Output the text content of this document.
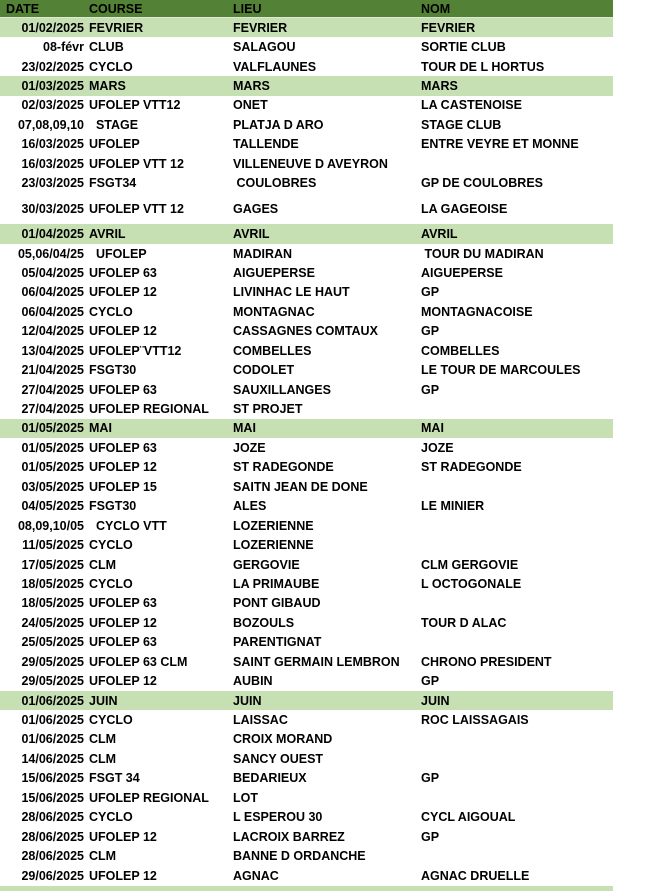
DATE	COURSE	LIEU	NOM
01/02/2025 FEVRIER	FEVRIER	FEVRIER
08-févr CLUB	SALAGOU	SORTIE CLUB
23/02/2025 CYCLO	VALFLAUNES	TOUR DE L HORTUS
01/03/2025 MARS	MARS	MARS
02/03/2025 UFOLEP VTT12	ONET	LA CASTENOISE
07,08,09,10 STAGE	PLATJA D ARO	STAGE CLUB
16/03/2025 UFOLEP	TALLENDE	ENTRE VEYRE ET MONNE
16/03/2025 UFOLEP VTT 12	VILLENEUVE D AVEYRON
23/03/2025 FSGT34	COULOBRES	GP DE COULOBRES
30/03/2025 UFOLEP VTT 12	GAGES	LA GAGEOISE
01/04/2025 AVRIL	AVRIL	AVRIL
05,06/04/25 UFOLEP	MADIRAN	TOUR DU MADIRAN
05/04/2025 UFOLEP 63	AIGUEPERSE	AIGUEPERSE
06/04/2025 UFOLEP 12	LIVINHAC LE HAUT	GP
06/04/2025 CYCLO	MONTAGNAC	MONTAGNACOISE
12/04/2025 UFOLEP 12	CASSAGNES COMTAUX	GP
13/04/2025 UFOLEP¨VTT12	COMBELLES	COMBELLES
21/04/2025 FSGT30	CODOLET	LE TOUR DE MARCOULES
27/04/2025 UFOLEP 63	SAUXILLANGES	GP
27/04/2025 UFOLEP REGIONAL	ST PROJET
01/05/2025 MAI	MAI	MAI
01/05/2025 UFOLEP 63	JOZE	JOZE
01/05/2025 UFOLEP 12	ST RADEGONDE	ST RADEGONDE
03/05/2025 UFOLEP 15	SAITN JEAN DE DONE
04/05/2025 FSGT30	ALES	LE MINIER
08,09,10/05 CYCLO VTT	LOZERIENNE
11/05/2025 CYCLO	LOZERIENNE
17/05/2025 CLM	GERGOVIE	CLM GERGOVIE
18/05/2025 CYCLO	LA PRIMAUBE	L OCTOGONALE
18/05/2025 UFOLEP 63	PONT GIBAUD
24/05/2025 UFOLEP 12	BOZOULS	TOUR D ALAC
25/05/2025 UFOLEP 63	PARENTIGNAT
29/05/2025 UFOLEP 63 CLM	SAINT GERMAIN LEMBRON	CHRONO PRESIDENT
29/05/2025 UFOLEP 12	AUBIN	GP
01/06/2025 JUIN	JUIN	JUIN
01/06/2025 CYCLO	LAISSAC	ROC LAISSAGAIS
01/06/2025 CLM	CROIX MORAND
14/06/2025 CLM	SANCY OUEST
15/06/2025 FSGT 34	BEDARIEUX	GP
15/06/2025 UFOLEP REGIONAL	LOT
28/06/2025 CYCLO	L ESPEROU 30	CYCL AIGOUAL
28/06/2025 UFOLEP 12	LACROIX BARREZ	GP
28/06/2025 CLM	BANNE D ORDANCHE
29/06/2025 UFOLEP 12	AGNAC	AGNAC DRUELLE
